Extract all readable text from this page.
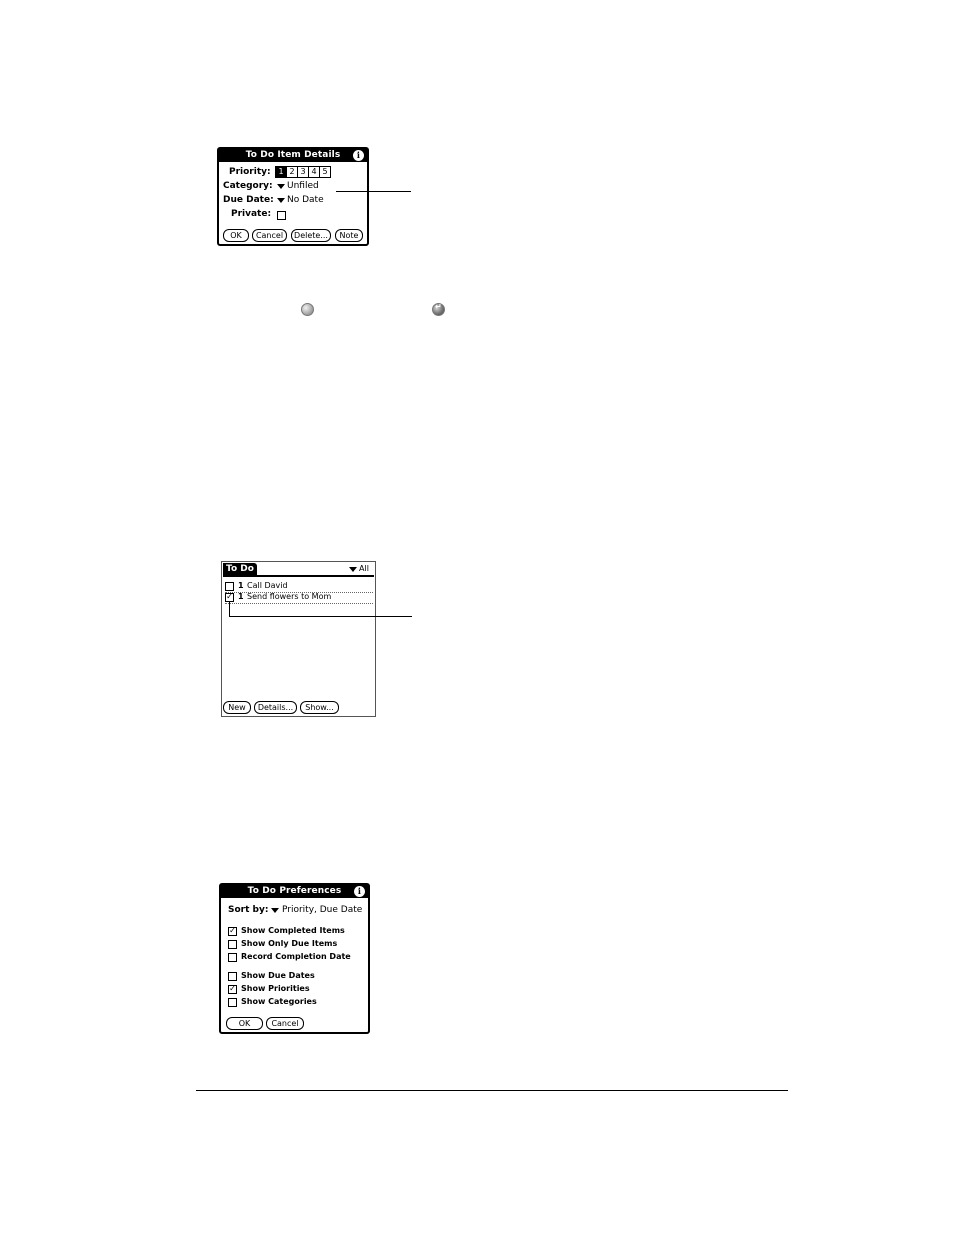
To Do Item Details	i
Priority: 1 2 3 4 5
Category: Unfiled
Due Date: No Date
Private:
OK	Cancel	Delete...	Note
↵
To Do	All
1 Call David
✓ 1 Send flowers to Mom
New	Details...	Show...
To Do Preferences	i
Sort by: Priority, Due Date
✓ Show Completed Items
Show Only Due Items
Record Completion Date
Show Due Dates
✓ Show Priorities
Show Categories
OK	Cancel
